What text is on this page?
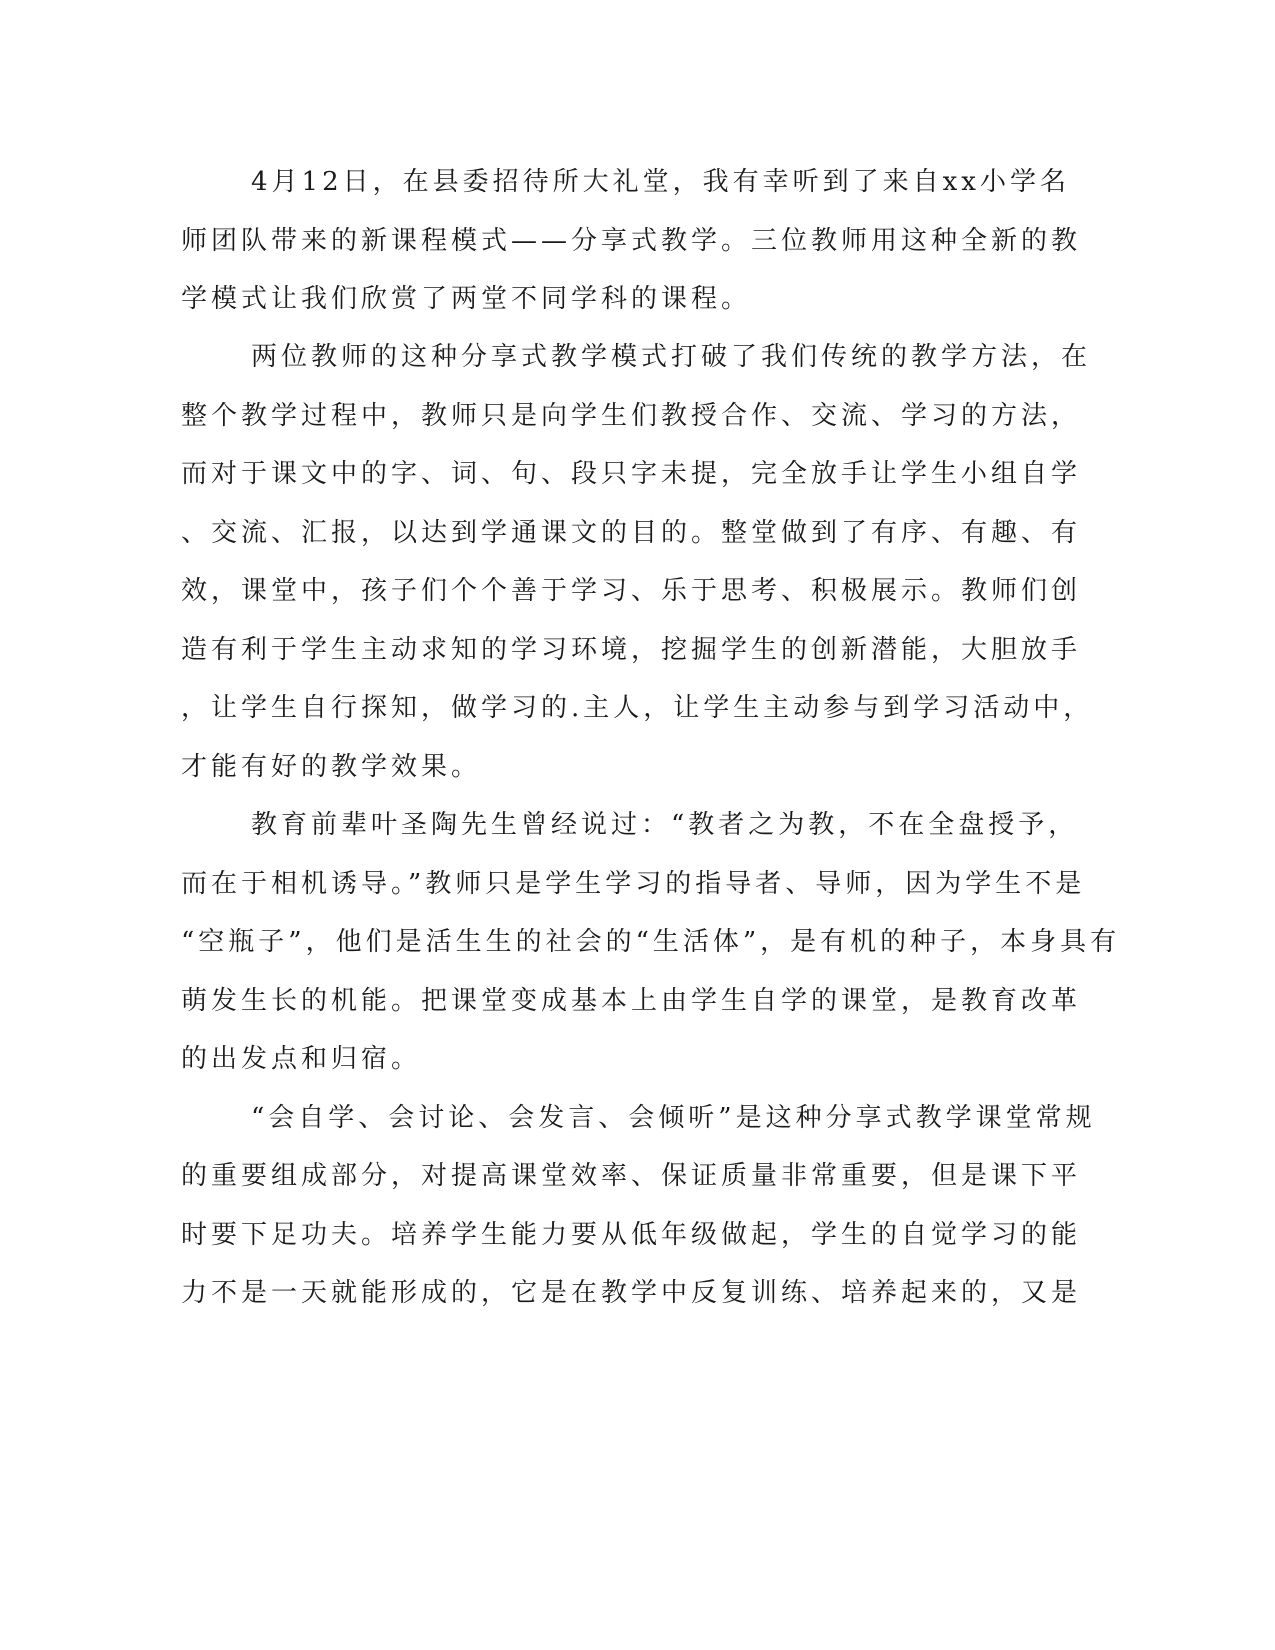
4月12日，在县委招待所大礼堂，我有幸听到了来自xx小学名
师团队带来的新课程模式——分享式教学。三位教师用这种全新的教
学模式让我们欣赏了两堂不同学科的课程。
两位教师的这种分享式教学模式打破了我们传统的教学方法，在
整个教学过程中，教师只是向学生们教授合作、交流、学习的方法，
而对于课文中的字、词、句、段只字未提，完全放手让学生小组自学
、交流、汇报，以达到学通课文的目的。整堂做到了有序、有趣、有
效，课堂中，孩子们个个善于学习、乐于思考、积极展示。教师们创
造有利于学生主动求知的学习环境，挖掘学生的创新潜能，大胆放手
，让学生自行探知，做学习的.主人，让学生主动参与到学习活动中，
才能有好的教学效果。
教育前辈叶圣陶先生曾经说过：“教者之为教，不在全盘授予，
而在于相机诱导。”教师只是学生学习的指导者、导师，因为学生不是
“空瓶子”，他们是活生生的社会的“生活体”，是有机的种子，本身具有
萌发生长的机能。把课堂变成基本上由学生自学的课堂，是教育改革
的出发点和归宿。
“会自学、会讨论、会发言、会倾听”是这种分享式教学课堂常规
的重要组成部分，对提高课堂效率、保证质量非常重要，但是课下平
时要下足功夫。培养学生能力要从低年级做起，学生的自觉学习的能
力不是一天就能形成的，它是在教学中反复训练、培养起来的，又是
